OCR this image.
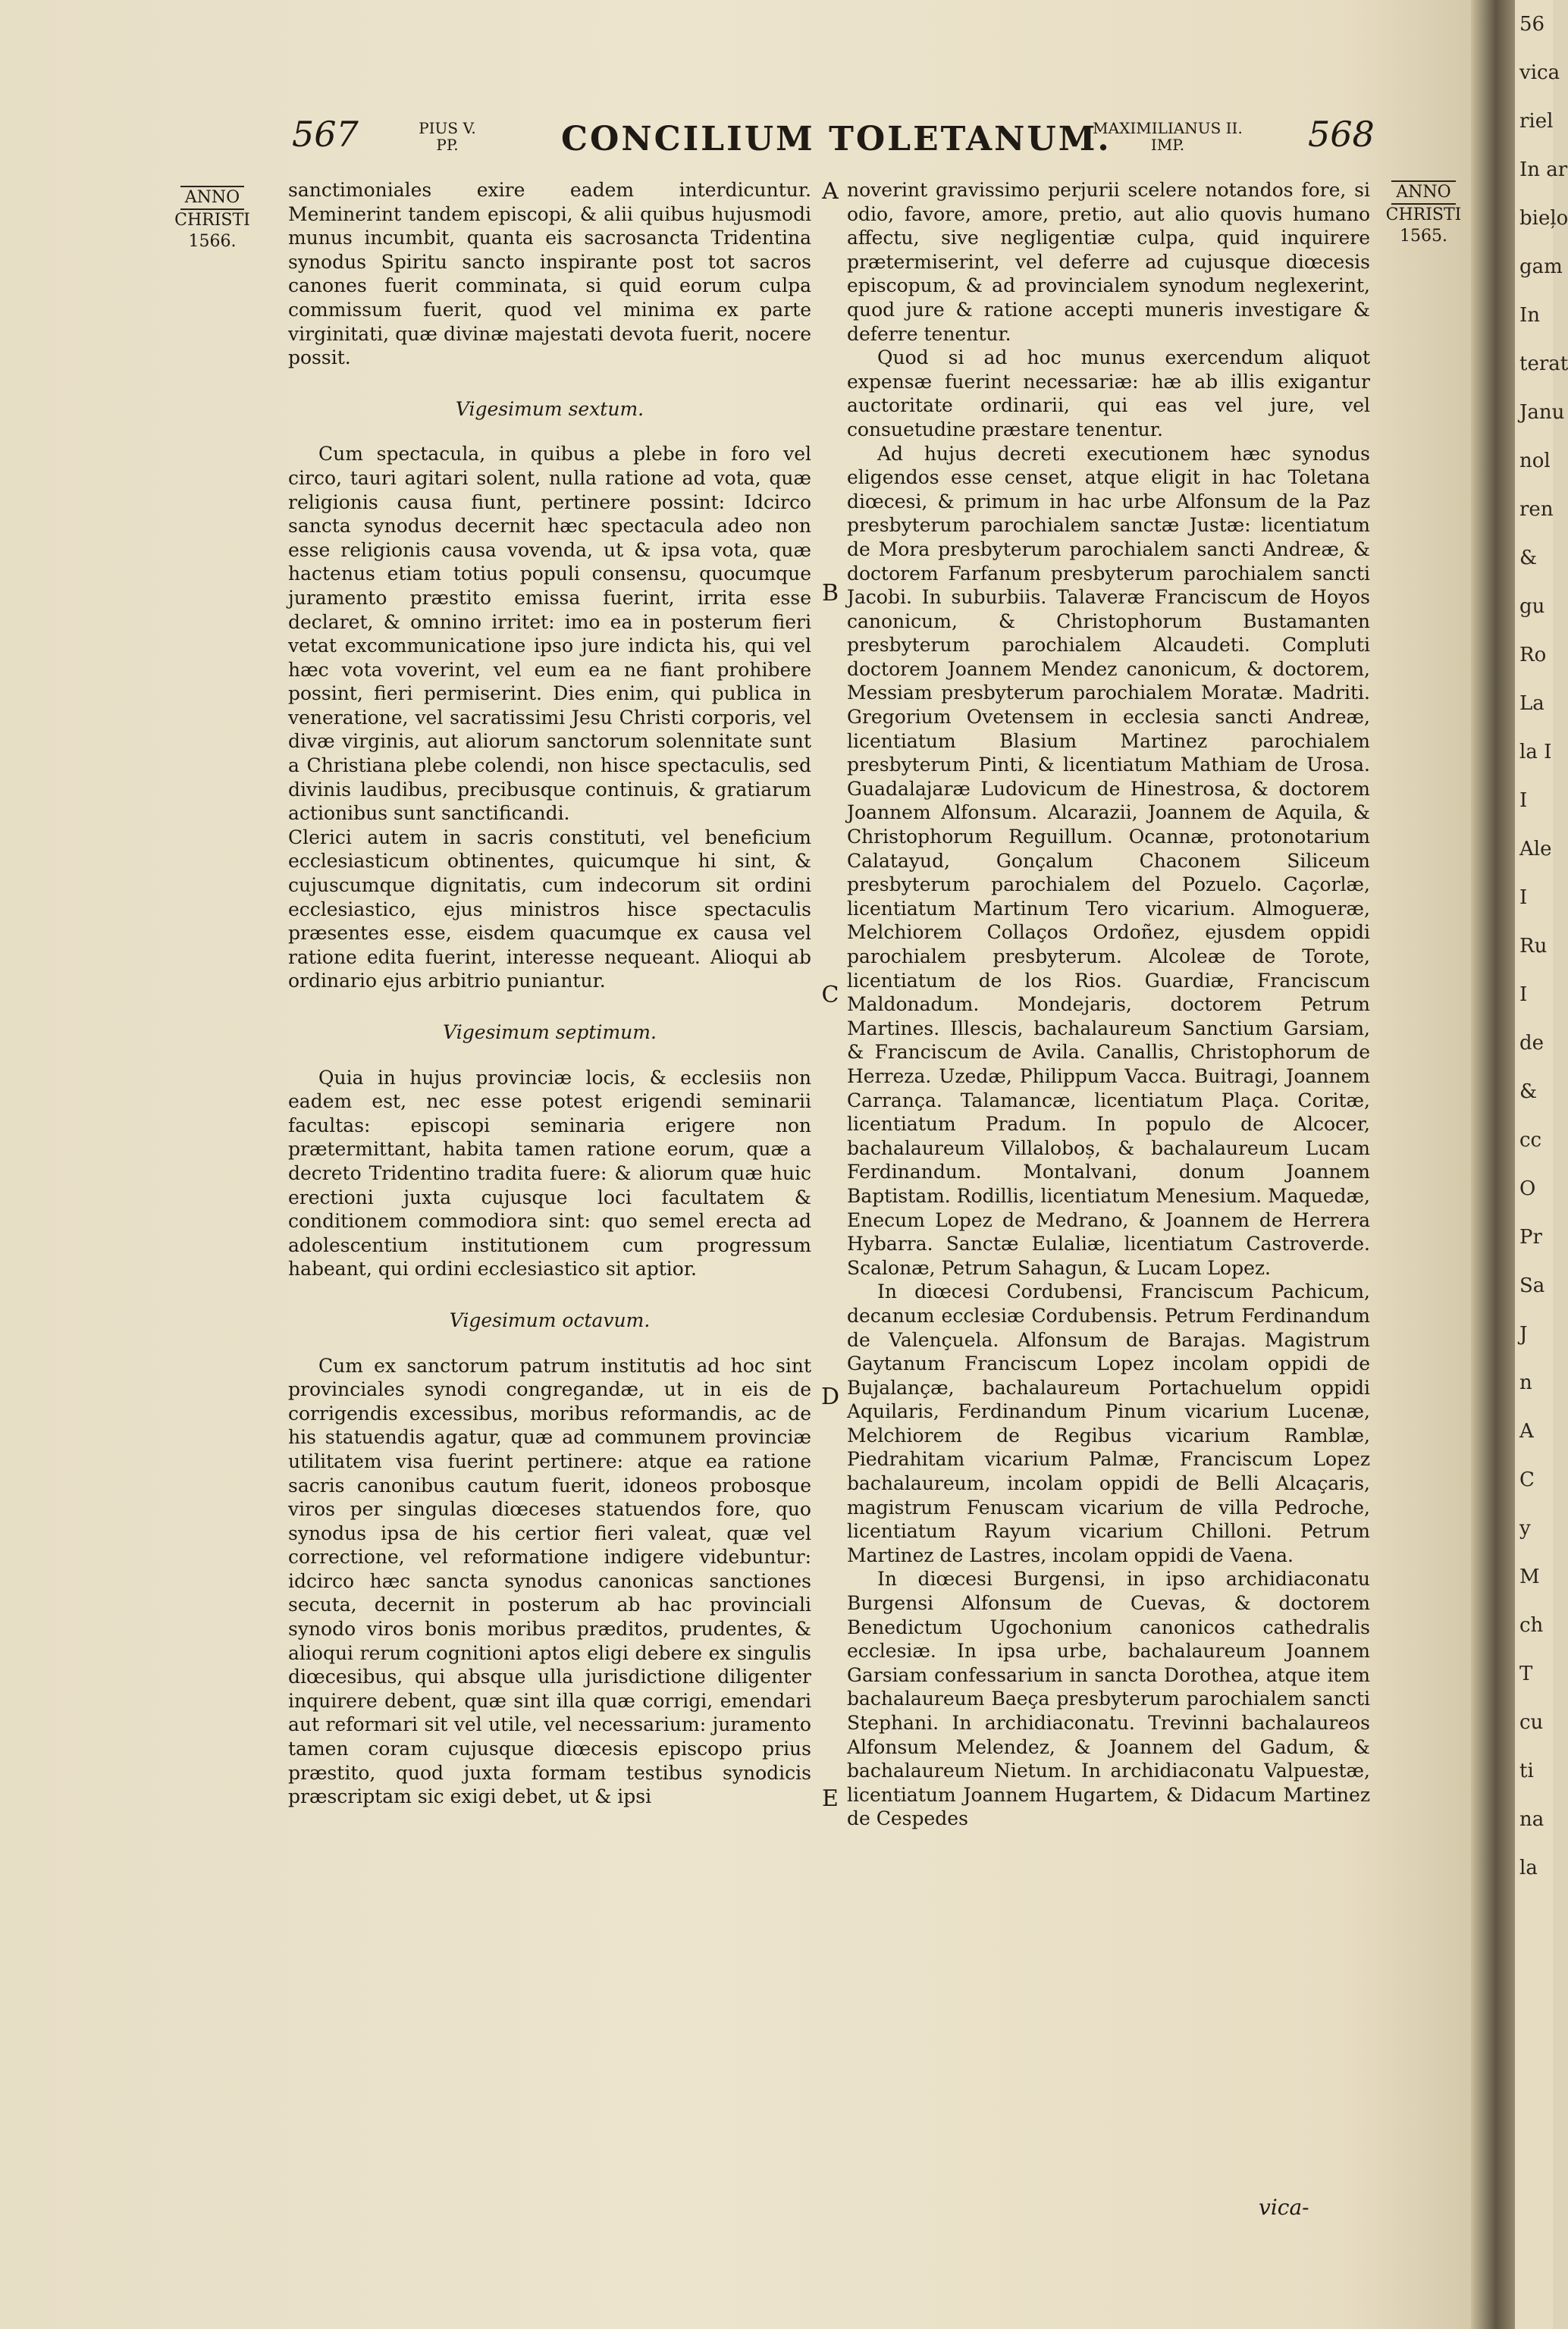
567	PIUS V.
PP.	CONCILIUM TOLETANUM.
MAXIMILIANUS II.
IMP.	568
ANNO
CHRISTI
1566.
ANNO
CHRISTI
1565.

sanctimoniales exire eadem interdicuntur. Meminerint tandem episcopi, & alii quibus hujusmodi munus incumbit, quanta eis sacrosancta Tridentina synodus Spiritu sancto inspirante post tot sacros canones fuerit comminata, si quid eorum culpa commissum fuerit, quod vel minima ex parte virginitati, quæ divinæ majestati devota fuerit, nocere possit.

Vigesimum sextum.

Cum spectacula, in quibus a plebe in foro vel circo, tauri agitari solent, nulla ratione ad vota, quæ religionis causa fiunt, pertinere possint: Idcirco sancta synodus decernit hæc spectacula adeo non esse religionis causa vovenda, ut & ipsa vota, quæ hactenus etiam totius populi consensu, quocumque juramento præstito emissa fuerint, irrita esse declaret, & omnino irritet: imo ea in posterum fieri vetat excommunicatione ipso jure indicta his, qui vel hæc vota voverint, vel eum ea ne fiant prohibere possint, fieri permiserint. Dies enim, qui publica in veneratione, vel sacratissimi Jesu Christi corporis, vel divæ virginis, aut aliorum sanctorum solennitate sunt a Christiana plebe colendi, non hisce spectaculis, sed divinis laudibus, precibusque continuis, & gratiarum actionibus sunt sanctificandi.

Clerici autem in sacris constituti, vel beneficium ecclesiasticum obtinentes, quicumque hi sint, & cujuscumque dignitatis, cum indecorum sit ordini ecclesiastico, ejus ministros hisce spectaculis præsentes esse, eisdem quacumque ex causa vel ratione edita fuerint, interesse nequeant. Alioqui ab ordinario ejus arbitrio puniantur.

Vigesimum septimum.

Quia in hujus provinciæ locis, & ecclesiis non eadem est, nec esse potest erigendi seminarii facultas: episcopi seminaria erigere non prætermittant, habita tamen ratione eorum, quæ a decreto Tridentino tradita fuere: & aliorum quæ huic erectioni juxta cujusque loci facultatem & conditionem commodiora sint: quo semel erecta ad adolescentium institutionem cum progressum habeant, qui ordini ecclesiastico sit aptior.

Vigesimum octavum.

Cum ex sanctorum patrum institutis ad hoc sint provinciales synodi congregandæ, ut in eis de corrigendis excessibus, moribus reformandis, ac de his statuendis agatur, quæ ad communem provinciæ utilitatem visa fuerint pertinere: atque ea ratione sacris canonibus cautum fuerit, idoneos probosque viros per singulas diœceses statuendos fore, quo synodus ipsa de his certior fieri valeat, quæ vel correctione, vel reformatione indigere videbuntur: idcirco hæc sancta synodus canonicas sanctiones secuta, decernit in posterum ab hac provinciali synodo viros bonis moribus præditos, prudentes, & alioqui rerum cognitioni aptos eligi debere ex singulis diœcesibus, qui absque ulla jurisdictione diligenter inquirere debent, quæ sint illa quæ corrigi, emendari aut reformari sit vel utile, vel necessarium: juramento tamen coram cujusque diœcesis episcopo prius præstito, quod juxta formam testibus synodicis præscriptam sic exigi debet, ut & ipsi

A
B
C
D
E

noverint gravissimo perjurii scelere notandos fore, si odio, favore, amore, pretio, aut alio quovis humano affectu, sive negligentiæ culpa, quid inquirere prætermiserint, vel deferre ad cujusque diœcesis episcopum, & ad provincialem synodum neglexerint, quod jure & ratione accepti muneris investigare & deferre tenentur.

Quod si ad hoc munus exercendum aliquot expensæ fuerint necessariæ: hæ ab illis exigantur auctoritate ordinarii, qui eas vel jure, vel consuetudine præstare tenentur.

Ad hujus decreti executionem hæc synodus eligendos esse censet, atque eligit in hac Toletana diœcesi, & primum in hac urbe Alfonsum de la Paz presbyterum parochialem sanctæ Justæ: licentiatum de Mora presbyterum parochialem sancti Andreæ, & doctorem Farfanum presbyterum parochialem sancti Jacobi. In suburbiis. Talaveræ Franciscum de Hoyos canonicum, & Christophorum Bustamanten presbyterum parochialem Alcaudeti. Compluti doctorem Joannem Mendez canonicum, & doctorem, Messiam presbyterum parochialem Moratæ. Madriti. Gregorium Ovetensem in ecclesia sancti Andreæ, licentiatum Blasium Martinez parochialem presbyterum Pinti, & licentiatum Mathiam de Urosa. Guadalajaræ Ludovicum de Hinestrosa, & doctorem Joannem Alfonsum. Alcarazii, Joannem de Aquila, & Christophorum Reguillum. Ocannæ, protonotarium Calatayud, Gonçalum Chaconem Siliceum presbyterum parochialem del Pozuelo. Caçorlæ, licentiatum Martinum Tero vicarium. Almogueræ, Melchiorem Collaços Ordoñez, ejusdem oppidi parochialem presbyterum. Alcoleæ de Torote, licentiatum de los Rios. Guardiæ, Franciscum Maldonadum. Mondejaris, doctorem Petrum Martines. Illescis, bachalaureum Sanctium Garsiam, & Franciscum de Avila. Canallis, Christophorum de Herreza. Uzedæ, Philippum Vacca. Buitragi, Joannem Carrança. Talamancæ, licentiatum Plaça. Coritæ, licentiatum Pradum. In populo de Alcocer, bachalaureum Villaloboș, & bachalaureum Lucam Ferdinandum. Montalvani, donum Joannem Baptistam. Rodillis, licentiatum Menesium. Maquedæ, Enecum Lopez de Medrano, & Joannem de Herrera Hybarra. Sanctæ Eulaliæ, licentiatum Castroverde. Scalonæ, Petrum Sahagun, & Lucam Lopez.

In diœcesi Cordubensi, Franciscum Pachicum, decanum ecclesiæ Cordubensis. Petrum Ferdinandum de Valençuela. Alfonsum de Barajas. Magistrum Gaytanum Franciscum Lopez incolam oppidi de Bujalançæ, bachalaureum Portachuelum oppidi Aquilaris, Ferdinandum Pinum vicarium Lucenæ, Melchiorem de Regibus vicarium Ramblæ, Piedrahitam vicarium Palmæ, Franciscum Lopez bachalaureum, incolam oppidi de Belli Alcaçaris, magistrum Fenuscam vicarium de villa Pedroche, licentiatum Rayum vicarium Chilloni. Petrum Martinez de Lastres, incolam oppidi de Vaena.

In diœcesi Burgensi, in ipso archidiaconatu Burgensi Alfonsum de Cuevas, & doctorem Benedictum Ugochonium canonicos cathedralis ecclesiæ. In ipsa urbe, bachalaureum Joannem Garsiam confessarium in sancta Dorothea, atque item bachalaureum Baeça presbyterum parochialem sancti Stephani. In archidiaconatu. Trevinni bachalaureos Alfonsum Melendez, & Joannem del Gadum, & bachalaureum Nietum. In archidiaconatu Valpuestæ, licentiatum Joannem Hugartem, & Didacum Martinez de Cespedes

vica-
56
vica
riel
In ar
bieļo
gam
In
terat
Janu
nol
ren
&
gu
Ro
La
la I
I
Ale
I
Ru
I
de
&
cc
O
Pr
Sa
J
n
A
C
y
M
ch
T
cu
ti
na
la
